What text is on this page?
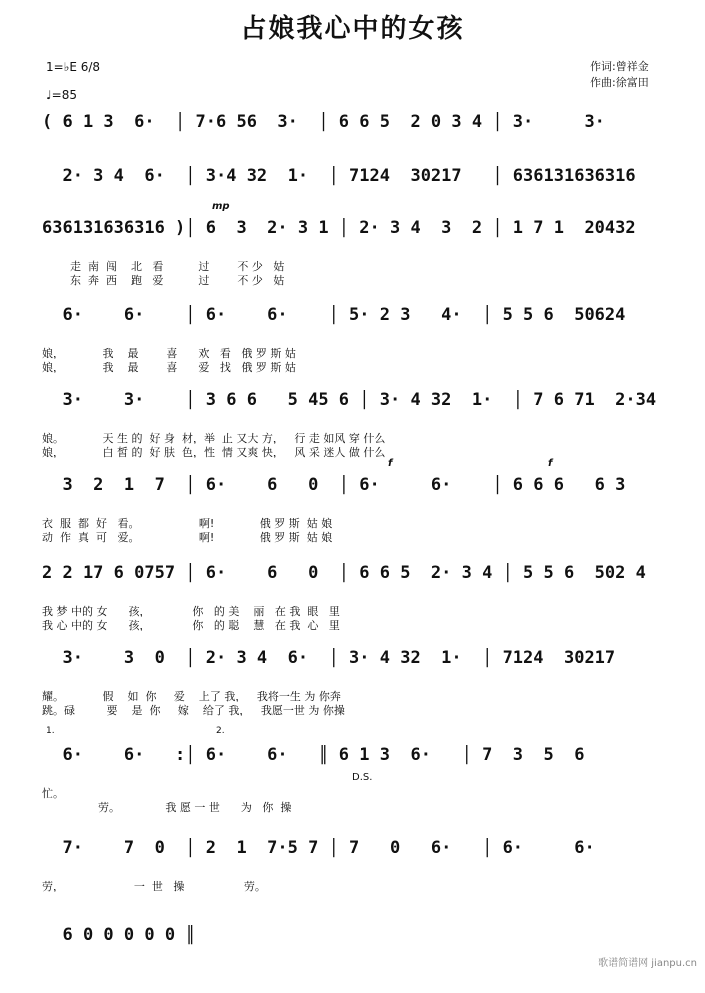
占娘我心中的女孩
1=♭E 6/8
♩=85
作词:曾祥金
作曲:徐富田
mp
f	f
D.S.
1.	2.
( 6 1 3  6·  │ 7·6 56  3·  │ 6 6 5  2 0 3 4 │ 3·     3·
2· 3 4  6·  │ 3·4 32  1·  │ 7124  30217   │ 636131636316
636131636316 )│ 6  3  2· 3 1 │ 2· 3 4  3  2 │ 1 7 1  20432
走  南  闯    北   看          过        不 少   姑
东  奔  西    跑   爱          过        不 少   姑
6·    6·    │ 6·    6·    │ 5· 2 3   4·  │ 5 5 6  50624
娘，           我    最        喜      欢   看   俄 罗 斯 姑
娘，           我    最        喜      爱   找   俄 罗 斯 姑
3·    3·    │ 3 6 6   5 45 6 │ 3· 4 32  1·  │ 7 6 71  2·34
娘。           天 生 的  好 身  材，举  止 又大 方，   行 走 如风 穿 什么
娘，           白 皙 的  好 肤  色，性  情 又爽 快，   风 采 迷人 做 什么
3  2  1  7  │ 6·    6   0  │ 6·     6·    │ 6 6 6   6 3
衣  服  都  好   看。                 啊!             俄 罗 斯  姑 娘
动  作  真  可   爱。                 啊!             俄 罗 斯  姑 娘
2 2 17 6 0757 │ 6·    6   0  │ 6 6 5  2· 3 4 │ 5 5 6  502 4
我 梦 中的 女      孩，            你   的 美    丽   在 我  眼   里
我 心 中的 女      孩，            你   的 聪    慧   在 我  心   里
3·    3  0  │ 2· 3 4  6·  │ 3· 4 32  1·  │ 7124  30217
耀。           假    如  你     爱    上了 我，   我将一生 为 你奔
跳。碌         要    是  你     嫁    给了 我，   我愿一世 为 你操
6·    6·   :│ 6·    6·   ║ 6 1 3  6·   │ 7  3  5  6
忙。
劳。             我 愿 一 世      为   你  操
7·    7  0  │ 2  1  7·5 7 │ 7   0   6·   │ 6·     6·
劳，                    一  世   操                 劳。
6 0 0 0 0 0 ║
歌谱简谱网 jianpu.cn
